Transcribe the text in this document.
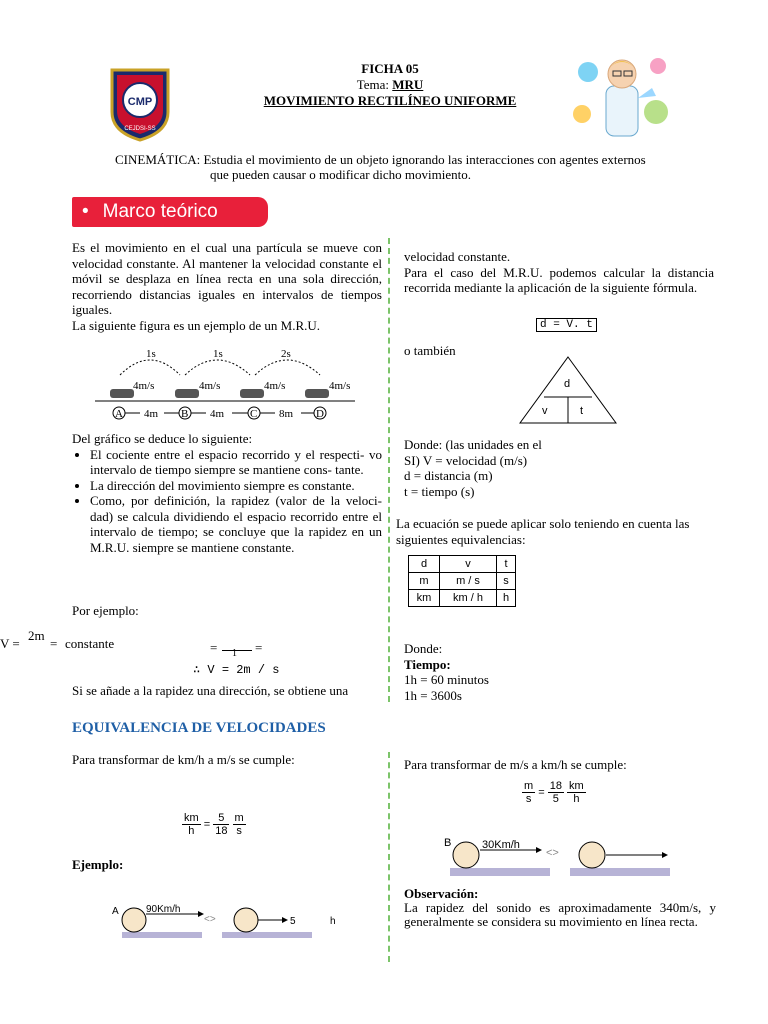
CMP
CEJDSI-SS
FICHA 05
Tema: MRU
MOVIMIENTO RECTILÍNEO UNIFORME
CINEMÁTICA: Estudia el movimiento de un objeto ignorando las interacciones con agentes externos
que pueden causar o modificar dicho movimiento.
• Marco teórico
Es el movimiento en el cual una partícula se mueve con velocidad constante. Al mantener la velocidad constante el móvil se desplaza en línea recta en una sola dirección, recorriendo distancias iguales en intervalos de tiempos iguales.
La siguiente figura es un ejemplo de un M.R.U.
1s	1s	2s
4m/s	4m/s	4m/s	4m/s
A	B	C	D
4m	4m	8m
Del gráfico se deduce lo siguiente:
• El cociente entre el espacio recorrido y el respecti- vo intervalo de tiempo siempre se mantiene cons- tante.
• La dirección del movimiento siempre es constante.
• Como, por definición, la rapidez (valor de la veloci- dad) se calcula dividiendo el espacio recorrido entre el intervalo de tiempo; se concluye que la rapidez en un M.R.U. siempre se mantiene constante.
Por ejemplo:
V =
2m
= constante	= 1 =
∴ V = 2m / s
Si se añade a la rapidez una dirección, se obtiene una
velocidad constante.
Para el caso del M.R.U. podemos calcular la distancia recorrida mediante la aplicación de la siguiente fórmula.
d = V. t
o también
d
v	t
Donde: (las unidades en el
SI) V = velocidad (m/s)
d = distancia (m)
t = tiempo (s)
La ecuación se puede aplicar solo teniendo en cuenta las siguientes equivalencias:
d	v	t
m	m / s	s
km	km / h	h
Donde:
Tiempo:
1h = 60 minutos
1h = 3600s
EQUIVALENCIA DE VELOCIDADES
Para transformar de km/h a m/s se cumple:
$\frac{km}{h} = \frac{5}{18}$
$\frac{m}{s}$
Ejemplo:
A	90Km/h
<>	5	h
Para transformar de m/s a km/h se cumple:
$\frac{m}{s} = \frac{18}{5}$
$\frac{km}{h}$
B	30Km/h
<>
Observación:
La rapidez del sonido es aproximadamente 340m/s, y generalmente se considera su movimiento en línea recta.
